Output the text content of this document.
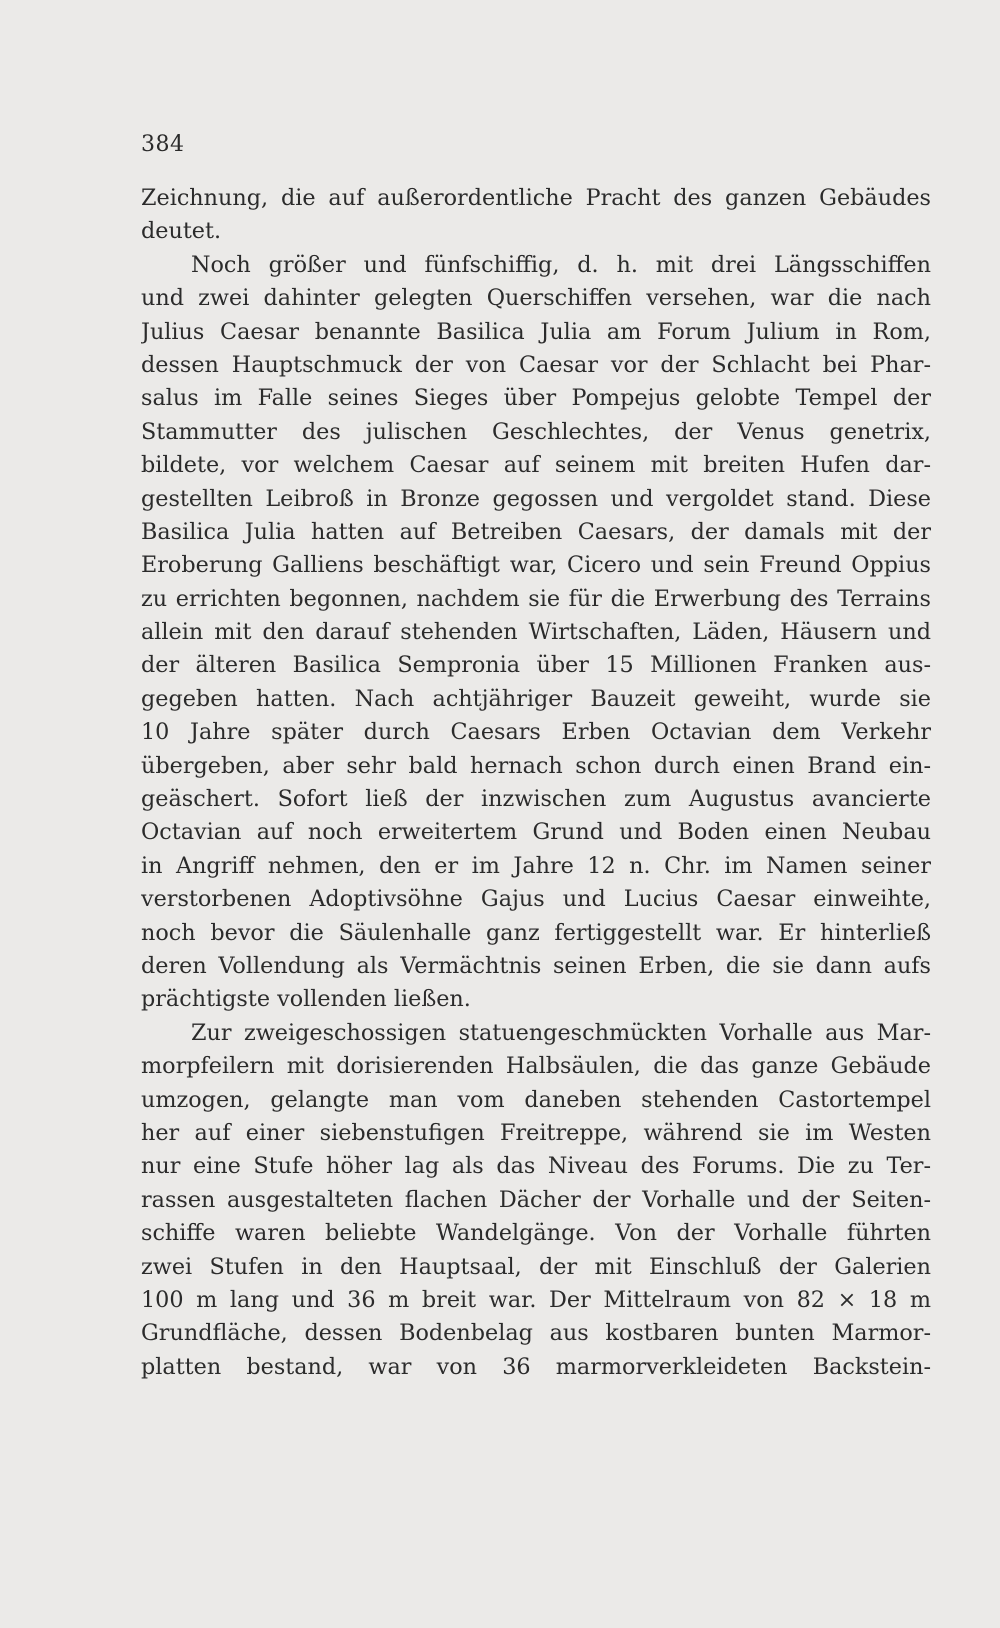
384
Zeichnung, die auf außerordentliche Pracht des ganzen Gebäudes
deutet.
Noch größer und fünfschiffig, d. h. mit drei Längsschiffen
und zwei dahinter gelegten Querschiffen versehen, war die nach
Julius Caesar benannte Basilica Julia am Forum Julium in Rom,
dessen Hauptschmuck der von Caesar vor der Schlacht bei Phar-
salus im Falle seines Sieges über Pompejus gelobte Tempel der
Stammutter des julischen Geschlechtes, der Venus genetrix,
bildete, vor welchem Caesar auf seinem mit breiten Hufen dar-
gestellten Leibroß in Bronze gegossen und vergoldet stand. Diese
Basilica Julia hatten auf Betreiben Caesars, der damals mit der
Eroberung Galliens beschäftigt war, Cicero und sein Freund Oppius
zu errichten begonnen, nachdem sie für die Erwerbung des Terrains
allein mit den darauf stehenden Wirtschaften, Läden, Häusern und
der älteren Basilica Sempronia über 15 Millionen Franken aus-
gegeben hatten. Nach achtjähriger Bauzeit geweiht, wurde sie
10 Jahre später durch Caesars Erben Octavian dem Verkehr
übergeben, aber sehr bald hernach schon durch einen Brand ein-
geäschert. Sofort ließ der inzwischen zum Augustus avancierte
Octavian auf noch erweitertem Grund und Boden einen Neubau
in Angriff nehmen, den er im Jahre 12 n. Chr. im Namen seiner
verstorbenen Adoptivsöhne Gajus und Lucius Caesar einweihte,
noch bevor die Säulenhalle ganz fertiggestellt war. Er hinterließ
deren Vollendung als Vermächtnis seinen Erben, die sie dann aufs
prächtigste vollenden ließen.
Zur zweigeschossigen statuengeschmückten Vorhalle aus Mar-
morpfeilern mit dorisierenden Halbsäulen, die das ganze Gebäude
umzogen, gelangte man vom daneben stehenden Castortempel
her auf einer siebenstufigen Freitreppe, während sie im Westen
nur eine Stufe höher lag als das Niveau des Forums. Die zu Ter-
rassen ausgestalteten flachen Dächer der Vorhalle und der Seiten-
schiffe waren beliebte Wandelgänge. Von der Vorhalle führten
zwei Stufen in den Hauptsaal, der mit Einschluß der Galerien
100 m lang und 36 m breit war. Der Mittelraum von 82 × 18 m
Grundfläche, dessen Bodenbelag aus kostbaren bunten Marmor-
platten bestand, war von 36 marmorverkleideten Backstein-
